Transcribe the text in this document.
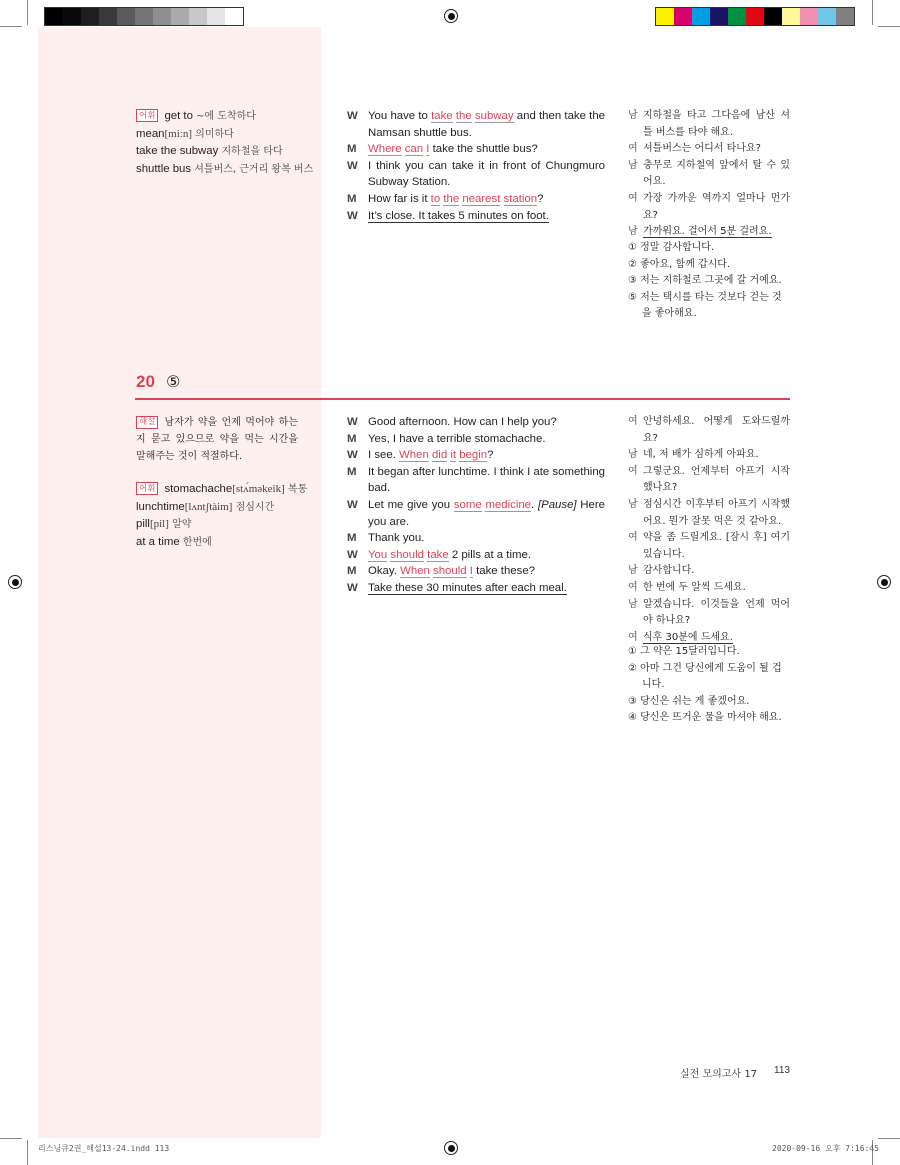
어휘 get to ~에 도착하다
mean[miːn] 의미하다
take the subway 지하철을 타다
shuttle bus 셔틀버스, 근거리 왕복 버스
W You have to take the subway and then take the Namsan shuttle bus.
M	Where can I take the shuttle bus?
W I think you can take it in front of Chungmuro Subway Station.
M	How far is it to the nearest station?
W It’s close. It takes 5 minutes on foot.
남 지하철을 타고 그다음에 남산 셔틀 버스를 타야 해요.
여 셔틀버스는 어디서 타나요?
남 충무로 지하철역 앞에서 탈 수 있어요.
여 가장 가까운 역까지 얼마나 먼가요?
남 가까워요. 걸어서 5분 걸려요.
① 정말 감사합니다.
② 좋아요, 함께 갑시다.
③ 저는 지하철로 그곳에 갈 거예요.
⑤ 저는 택시를 타는 것보다 걷는 것을 좋아해요.
20 ⑤
해설 남자가 약을 언제 먹어야 하는지 묻고 있으므로 약을 먹는 시간을 말해주는 것이 적절하다.
어휘 stomachache[stʌ́məkeik] 복통
lunchtime[lʌntʃtàim] 점심시간
pill[pil] 알약
at a time 한번에
W Good afternoon. How can I help you?
M	Yes, I have a terrible stomachache.
W I see. When did it begin?
M	It began after lunchtime. I think I ate something bad.
W Let me give you some medicine. [Pause] Here you are.
M	Thank you.
W You should take 2 pills at a time.
M	Okay. When should I take these?
W Take these 30 minutes after each meal.
여 안녕하세요. 어떻게 도와드릴까요?
남 네, 저 배가 심하게 아파요.
여 그렇군요. 언제부터 아프기 시작했나요?
남 점심시간 이후부터 아프기 시작했어요. 뭔가 잘못 먹은 것 같아요.
여 약을 좀 드릴게요. [잠시 후] 여기 있습니다.
남 감사합니다.
여 한 번에 두 알씩 드세요.
남 알겠습니다. 이것들을 언제 먹어야 하나요?
여 식후 30분에 드세요.
① 그 약은 15달러입니다.
② 아마 그건 당신에게 도움이 될 겁니다.
③ 당신은 쉬는 게 좋겠어요.
④ 당신은 뜨거운 물을 마셔야 해요.
실전 모의고사 17 113
리스닝큐2권_해설13-24.indd 113	2020-09-16 오후 7:16:45
